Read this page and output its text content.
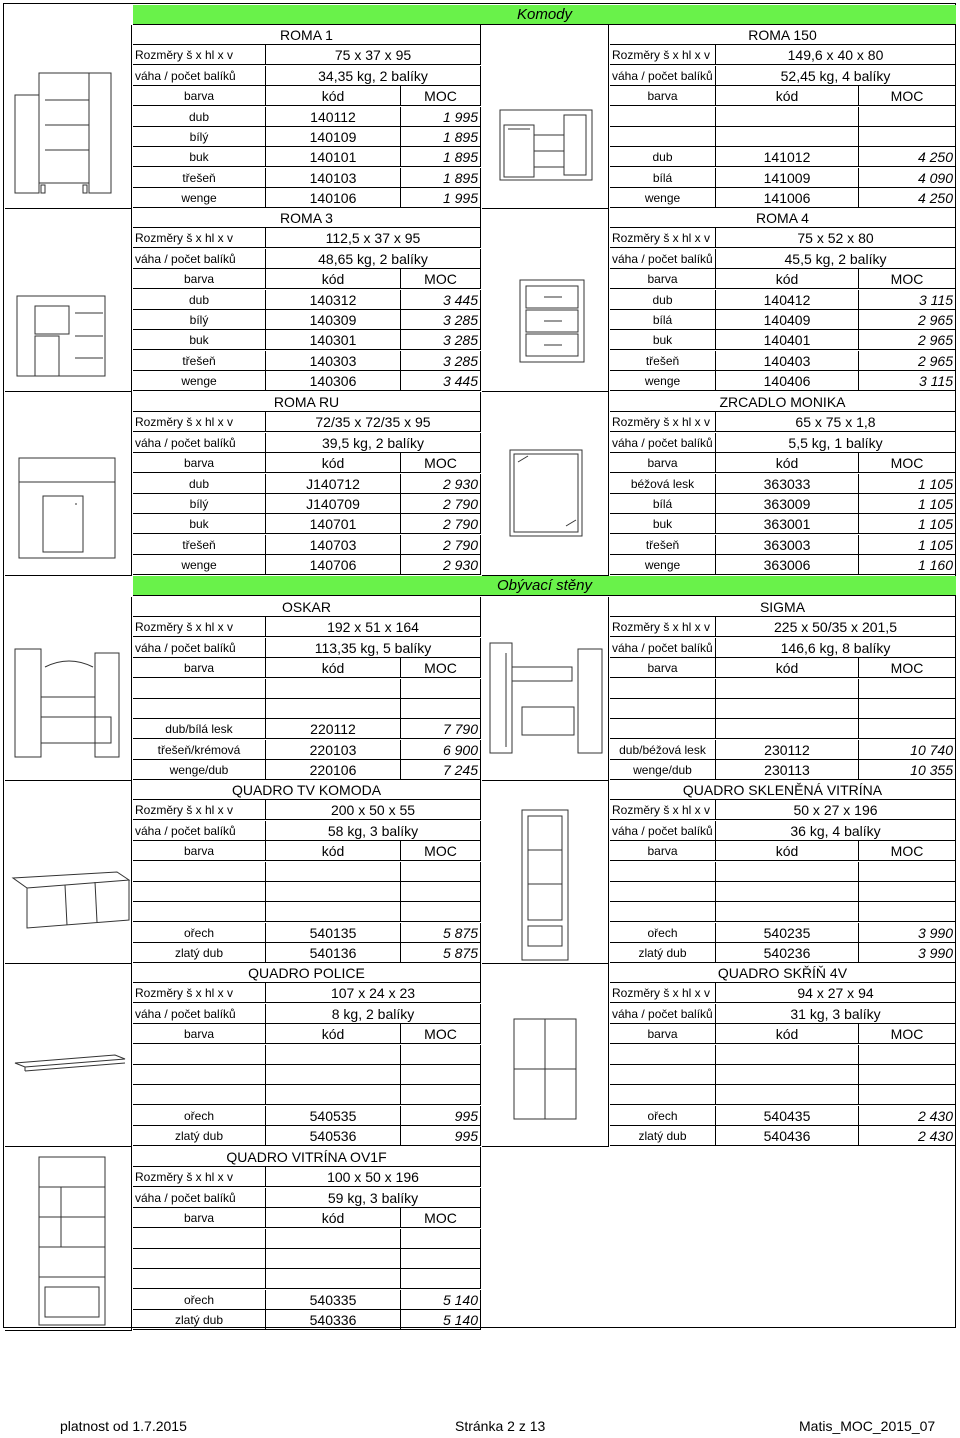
Komody
ROMA 1
Rozměry š x hl x v	75 x 37 x 95
váha / počet balíků	34,35 kg, 2 balíky
barva	kód	MOC
dub	140112	1 995
bílý	140109	1 895
buk	140101	1 895
třešeň	140103	1 895
wenge	140106	1 995
ROMA 150
Rozměry š x hl x v	149,6 x 40 x 80
váha / počet balíků	52,45 kg, 4 balíky
barva	kód	MOC
dub	141012	4 250
bílá	141009	4 090
wenge	141006	4 250
ROMA 3
Rozměry š x hl x v	112,5 x 37 x 95
váha / počet balíků	48,65 kg, 2 balíky
barva	kód	MOC
dub	140312	3 445
bílý	140309	3 285
buk	140301	3 285
třešeň	140303	3 285
wenge	140306	3 445
ROMA 4
Rozměry š x hl x v	75 x 52 x 80
váha / počet balíků	45,5 kg, 2 balíky
barva	kód	MOC
dub	140412	3 115
bílá	140409	2 965
buk	140401	2 965
třešeň	140403	2 965
wenge	140406	3 115
ROMA RU
Rozměry š x hl x v	72/35 x 72/35 x 95
váha / počet balíků	39,5 kg, 2 balíky
barva	kód	MOC
dub	J140712	2 930
bílý	J140709	2 790
buk	140701	2 790
třešeň	140703	2 790
wenge	140706	2 930
ZRCADLO MONIKA
Rozměry š x hl x v	65 x 75 x 1,8
váha / počet balíků	5,5 kg, 1 balíky
barva	kód	MOC
béžová lesk	363033	1 105
bílá	363009	1 105
buk	363001	1 105
třešeň	363003	1 105
wenge	363006	1 160
Obývací stěny
OSKAR
Rozměry š x hl x v	192 x 51 x 164
váha / počet balíků	113,35 kg, 5 balíky
barva	kód	MOC
dub/bílá lesk	220112	7 790
třešeň/krémová	220103	6 900
wenge/dub	220106	7 245
SIGMA
Rozměry š x hl x v	225 x 50/35 x 201,5
váha / počet balíků	146,6 kg, 8 balíky
barva	kód	MOC
dub/béžová lesk	230112	10 740
wenge/dub	230113	10 355
QUADRO TV KOMODA
Rozměry š x hl x v	200 x 50 x 55
váha / počet balíků	58 kg, 3 balíky
barva	kód	MOC
ořech	540135	5 875
zlatý dub	540136	5 875
QUADRO SKLENĚNÁ VITRÍNA
Rozměry š x hl x v	50 x 27 x 196
váha / počet balíků	36 kg, 4 balíky
barva	kód	MOC
ořech	540235	3 990
zlatý dub	540236	3 990
QUADRO POLICE
Rozměry š x hl x v	107 x 24 x 23
váha / počet balíků	8 kg, 2 balíky
barva	kód	MOC
ořech	540535	995
zlatý dub	540536	995
QUADRO SKŘÍŇ 4V
Rozměry š x hl x v	94 x 27 x 94
váha / počet balíků	31 kg, 3 balíky
barva	kód	MOC
ořech	540435	2 430
zlatý dub	540436	2 430
QUADRO VITRÍNA OV1F
Rozměry š x hl x v	100 x 50 x 196
váha / počet balíků	59 kg, 3 balíky
barva	kód	MOC
ořech	540335	5 140
zlatý dub	540336	5 140
platnost od 1.7.2015	Stránka 2 z 13	Matis_MOC_2015_07
